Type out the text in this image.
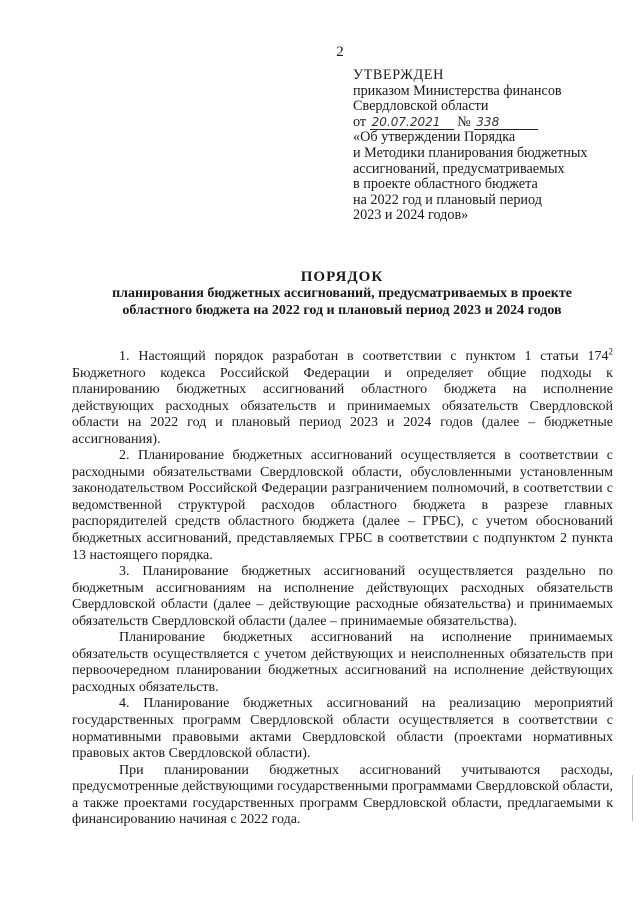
2
УТВЕРЖДЕН
приказом Министерства финансов
Свердловской области
от 20.07.2021 № 338
«Об утверждении Порядка
и Методики планирования бюджетных
ассигнований, предусматриваемых
в проекте областного бюджета
на 2022 год и плановый период
2023 и 2024 годов»
ПОРЯДОК
планирования бюджетных ассигнований, предусматриваемых в проекте
областного бюджета на 2022 год и плановый период 2023 и 2024 годов

1. Настоящий порядок разработан в соответствии с пунктом 1 статьи $174^2$ Бюджетного кодекса Российской Федерации и определяет общие подходы к планированию бюджетных ассигнований областного бюджета на исполнение действующих расходных обязательств и принимаемых обязательств Свердловской области на 2022 год и плановый период 2023 и 2024 годов (далее – бюджетные ассигнования).

2. Планирование бюджетных ассигнований осуществляется в соответствии с расходными обязательствами Свердловской области, обусловленными установленным законодательством Российской Федерации разграничением полномочий, в соответствии с ведомственной структурой расходов областного бюджета в разрезе главных распорядителей средств областного бюджета (далее – ГРБС), с учетом обоснований бюджетных ассигнований, представляемых ГРБС в соответствии с подпунктом 2 пункта 13 настоящего порядка.

3. Планирование бюджетных ассигнований осуществляется раздельно по бюджетным ассигнованиям на исполнение действующих расходных обязательств Свердловской области (далее – действующие расходные обязательства) и принимаемых обязательств Свердловской области (далее – принимаемые обязательства).

Планирование бюджетных ассигнований на исполнение принимаемых обязательств осуществляется с учетом действующих и неисполненных обязательств при первоочередном планировании бюджетных ассигнований на исполнение действующих расходных обязательств.

4. Планирование бюджетных ассигнований на реализацию мероприятий государственных программ Свердловской области осуществляется в соответствии с нормативными правовыми актами Свердловской области (проектами нормативных правовых актов Свердловской области).

При планировании бюджетных ассигнований учитываются расходы, предусмотренные действующими государственными программами Свердловской области, а также проектами государственных программ Свердловской области, предлагаемыми к финансированию начиная с 2022 года.
